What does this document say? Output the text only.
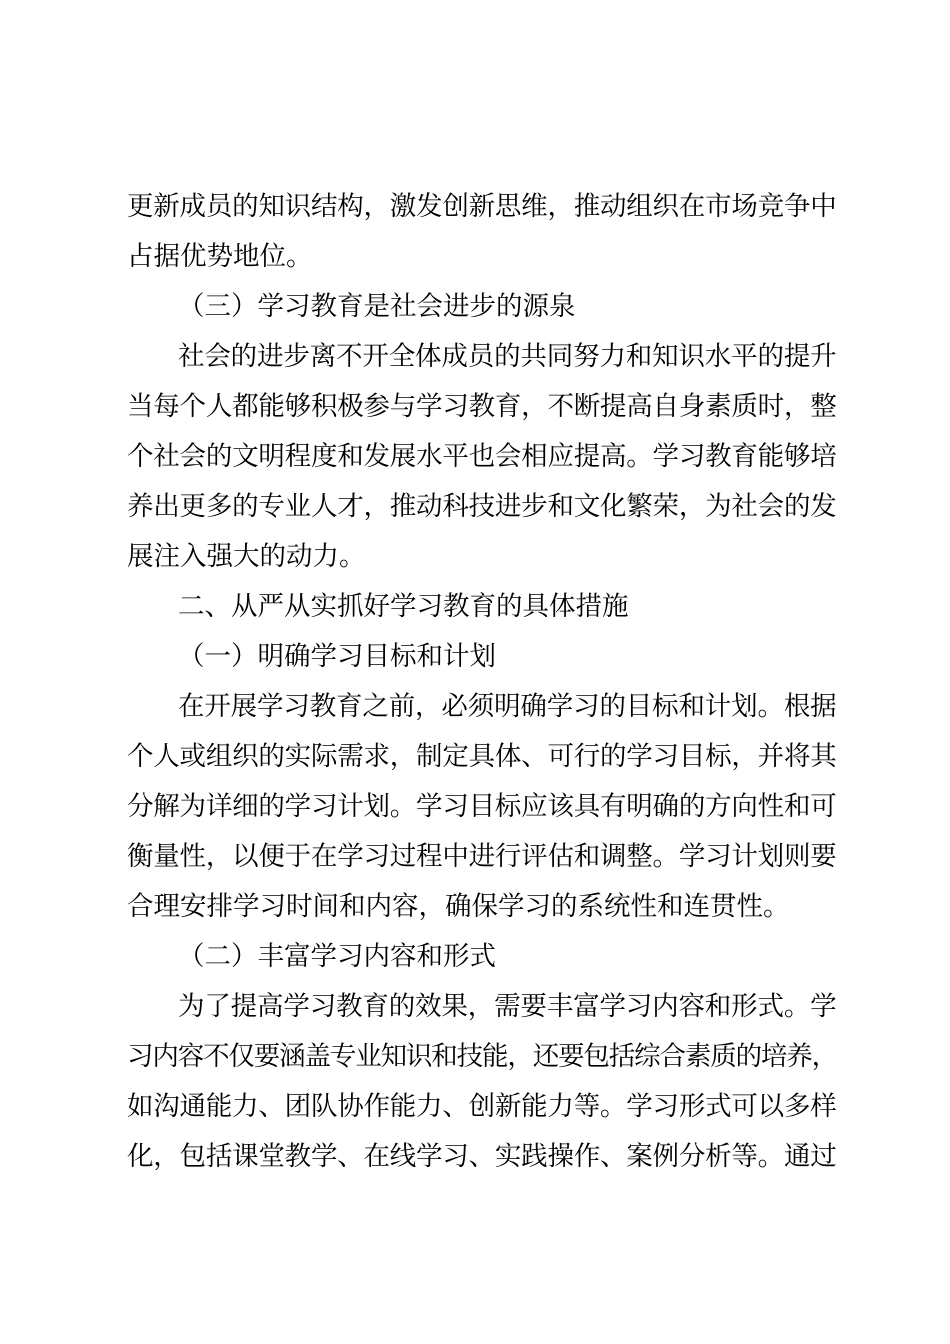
更新成员的知识结构，激发创新思维，推动组织在市场竞争中
占据优势地位。
（三）学习教育是社会进步的源泉
社会的进步离不开全体成员的共同努力和知识水平的提升
当每个人都能够积极参与学习教育，不断提高自身素质时，整
个社会的文明程度和发展水平也会相应提高。学习教育能够培
养出更多的专业人才，推动科技进步和文化繁荣，为社会的发
展注入强大的动力。
二、从严从实抓好学习教育的具体措施
（一）明确学习目标和计划
在开展学习教育之前，必须明确学习的目标和计划。根据
个人或组织的实际需求，制定具体、可行的学习目标，并将其
分解为详细的学习计划。学习目标应该具有明确的方向性和可
衡量性，以便于在学习过程中进行评估和调整。学习计划则要
合理安排学习时间和内容，确保学习的系统性和连贯性。
（二）丰富学习内容和形式
为了提高学习教育的效果，需要丰富学习内容和形式。学
习内容不仅要涵盖专业知识和技能，还要包括综合素质的培养，
如沟通能力、团队协作能力、创新能力等。学习形式可以多样
化，包括课堂教学、在线学习、实践操作、案例分析等。通过
